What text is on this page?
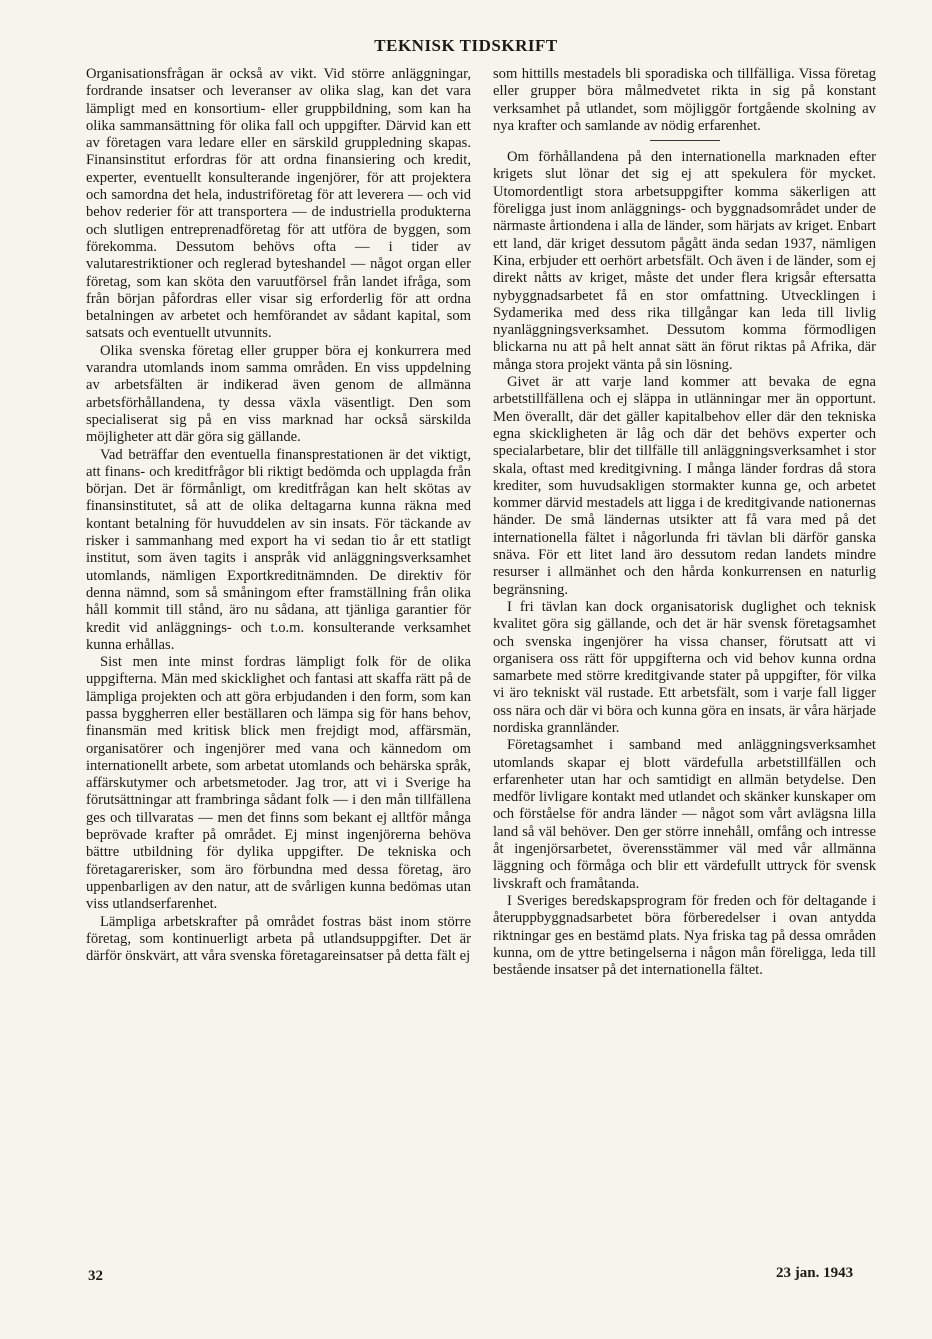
TEKNISK TIDSKRIFT

Organisationsfrågan är också av vikt. Vid större anläggningar, fordrande insatser och leveranser av olika slag, kan det vara lämpligt med en konsortium- eller gruppbildning, som kan ha olika sammansättning för olika fall och uppgifter. Därvid kan ett av företagen vara ledare eller en särskild gruppledning skapas. Finansinstitut erfordras för att ordna finansiering och kredit, experter, eventuellt konsulterande ingenjörer, för att projektera och samordna det hela, industriföretag för att leverera — och vid behov rederier för att transportera — de industriella produkterna och slutligen entreprenadföretag för att utföra de byggen, som förekomma. Dessutom behövs ofta — i tider av valutarestriktioner och reglerad byteshandel — något organ eller företag, som kan sköta den varuutförsel från landet ifråga, som från början påfordras eller visar sig erforderlig för att ordna betalningen av arbetet och hemförandet av sådant kapital, som satsats och eventuellt utvunnits.

Olika svenska företag eller grupper böra ej konkurrera med varandra utomlands inom samma områden. En viss uppdelning av arbetsfälten är indikerad även genom de allmänna arbetsförhållandena, ty dessa växla väsentligt. Den som specialiserat sig på en viss marknad har också särskilda möjligheter att där göra sig gällande.

Vad beträffar den eventuella finansprestationen är det viktigt, att finans- och kreditfrågor bli riktigt bedömda och upplagda från början. Det är förmånligt, om kreditfrågan kan helt skötas av finansinstitutet, så att de olika deltagarna kunna räkna med kontant betalning för huvuddelen av sin insats. För täckande av risker i sammanhang med export ha vi sedan tio år ett statligt institut, som även tagits i anspråk vid anläggningsverksamhet utomlands, nämligen Exportkreditnämnden. De direktiv för denna nämnd, som så småningom efter framställning från olika håll kommit till stånd, äro nu sådana, att tjänliga garantier för kredit vid anläggnings- och t.o.m. konsulterande verksamhet kunna erhållas.

Sist men inte minst fordras lämpligt folk för de olika uppgifterna. Män med skicklighet och fantasi att skaffa rätt på de lämpliga projekten och att göra erbjudanden i den form, som kan passa byggherren eller beställaren och lämpa sig för hans behov, finansmän med kritisk blick men frejdigt mod, affärsmän, organisatörer och ingenjörer med vana och kännedom om internationellt arbete, som arbetat utomlands och behärska språk, affärskutymer och arbetsmetoder. Jag tror, att vi i Sverige ha förutsättningar att frambringa sådant folk — i den mån tillfällena ges och tillvaratas — men det finns som bekant ej alltför många beprövade krafter på området. Ej minst ingenjörerna behöva bättre utbildning för dylika uppgifter. De tekniska och företagarerisker, som äro förbundna med dessa företag, äro uppenbarligen av den natur, att de svårligen kunna bedömas utan viss utlandserfarenhet.

Lämpliga arbetskrafter på området fostras bäst inom större företag, som kontinuerligt arbeta på utlandsuppgifter. Det är därför önskvärt, att våra svenska företagareinsatser på detta fält ej

som hittills mestadels bli sporadiska och tillfälliga. Vissa företag eller grupper böra målmedvetet rikta in sig på konstant verksamhet på utlandet, som möjliggör fortgående skolning av nya krafter och samlande av nödig erfarenhet.

Om förhållandena på den internationella marknaden efter krigets slut lönar det sig ej att spekulera för mycket. Utomordentligt stora arbetsuppgifter komma säkerligen att föreligga just inom anläggnings- och byggnadsområdet under de närmaste årtiondena i alla de länder, som härjats av kriget. Enbart ett land, där kriget dessutom pågått ända sedan 1937, nämligen Kina, erbjuder ett oerhört arbetsfält. Och även i de länder, som ej direkt nåtts av kriget, måste det under flera krigsår eftersatta nybyggnadsarbetet få en stor omfattning. Utvecklingen i Sydamerika med dess rika tillgångar kan leda till livlig nyanläggningsverksamhet. Dessutom komma förmodligen blickarna nu att på helt annat sätt än förut riktas på Afrika, där många stora projekt vänta på sin lösning.

Givet är att varje land kommer att bevaka de egna arbetstillfällena och ej släppa in utlänningar mer än opportunt. Men överallt, där det gäller kapitalbehov eller där den tekniska egna skickligheten är låg och där det behövs experter och specialarbetare, blir det tillfälle till anläggningsverksamhet i stor skala, oftast med kreditgivning. I många länder fordras då stora krediter, som huvudsakligen stormakter kunna ge, och arbetet kommer därvid mestadels att ligga i de kreditgivande nationernas händer. De små ländernas utsikter att få vara med på det internationella fältet i någorlunda fri tävlan bli därför ganska snäva. För ett litet land äro dessutom redan landets mindre resurser i allmänhet och den hårda konkurrensen en naturlig begränsning.

I fri tävlan kan dock organisatorisk duglighet och teknisk kvalitet göra sig gällande, och det är här svensk företagsamhet och svenska ingenjörer ha vissa chanser, förutsatt att vi organisera oss rätt för uppgifterna och vid behov kunna ordna samarbete med större kreditgivande stater på uppgifter, för vilka vi äro tekniskt väl rustade. Ett arbetsfält, som i varje fall ligger oss nära och där vi böra och kunna göra en insats, är våra härjade nordiska grannländer.

Företagsamhet i samband med anläggningsverksamhet utomlands skapar ej blott värdefulla arbetstillfällen och erfarenheter utan har och samtidigt en allmän betydelse. Den medför livligare kontakt med utlandet och skänker kunskaper om och förståelse för andra länder — något som vårt avlägsna lilla land så väl behöver. Den ger större innehåll, omfång och intresse åt ingenjörsarbetet, överensstämmer väl med vår allmänna läggning och förmåga och blir ett värdefullt uttryck för svensk livskraft och framåtanda.

I Sveriges beredskapsprogram för freden och för deltagande i återuppbyggnadsarbetet böra förberedelser i ovan antydda riktningar ges en bestämd plats. Nya friska tag på dessa områden kunna, om de yttre betingelserna i någon mån föreligga, leda till bestående insatser på det internationella fältet.

32	23 jan. 1943
